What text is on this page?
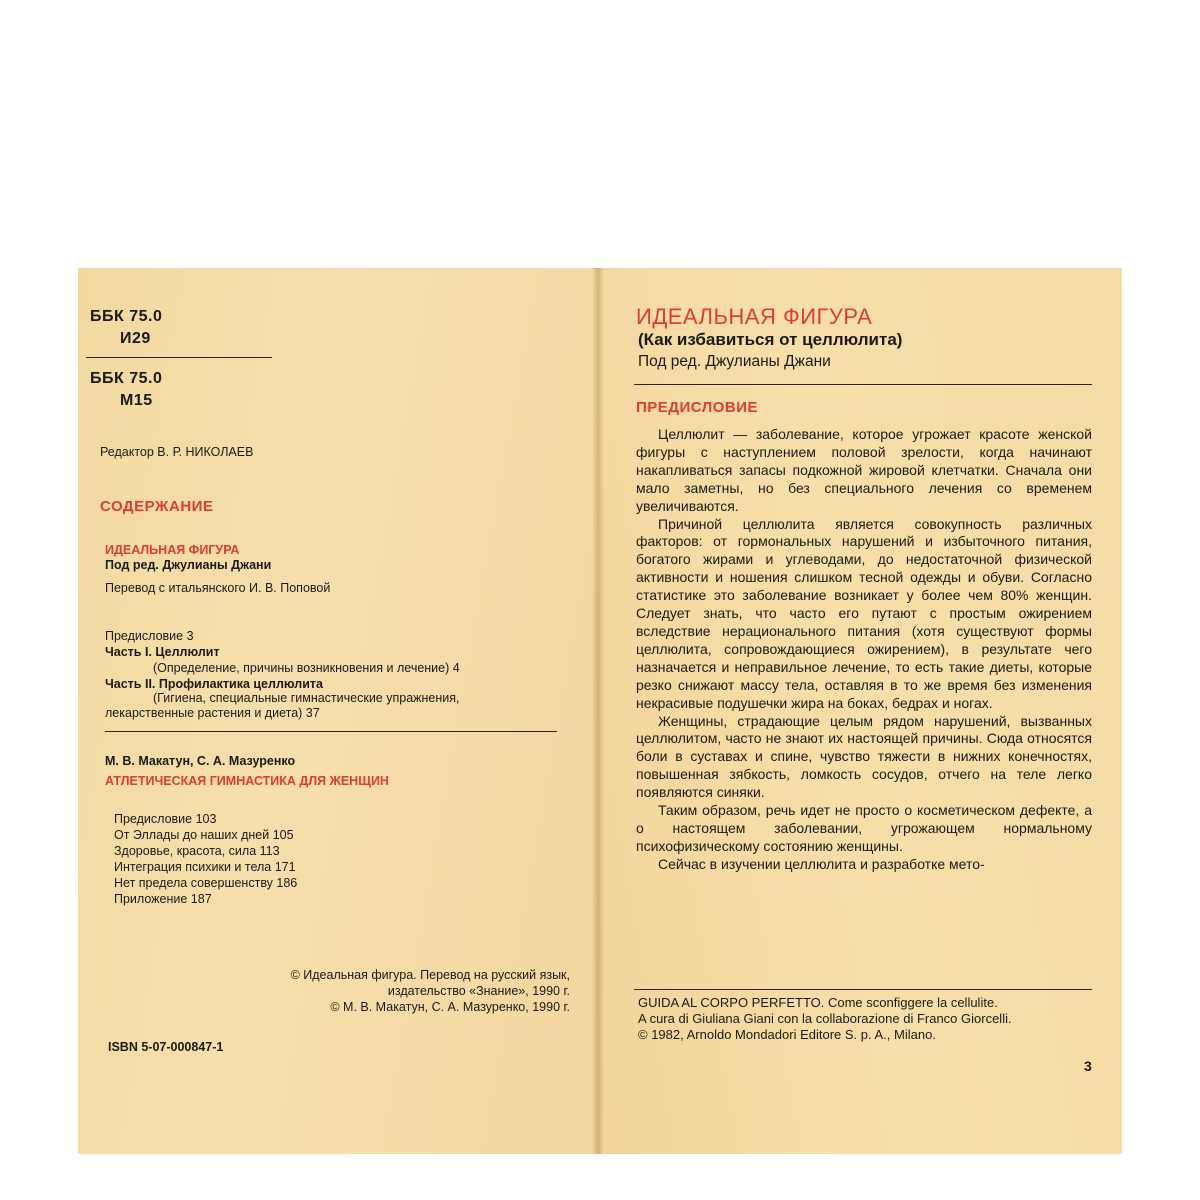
ББК 75.0
И29
ББК 75.0
М15
Редактор В. Р. НИКОЛАЕВ
СОДЕРЖАНИЕ
ИДЕАЛЬНАЯ ФИГУРА
Под ред. Джулианы Джани
Перевод с итальянского И. В. Поповой
Предисловие 3
Часть I. Целлюлит
(Определение, причины возникновения и лечение) 4
Часть II. Профилактика целлюлита
(Гигиена, специальные гимнастические упражнения,
лекарственные растения и диета) 37
М. В. Макатун, С. А. Мазуренко
АТЛЕТИЧЕСКАЯ ГИМНАСТИКА ДЛЯ ЖЕНЩИН
Предисловие 103
От Эллады до наших дней 105
Здоровье, красота, сила 113
Интеграция психики и тела 171
Нет предела совершенству 186
Приложение 187
© Идеальная фигура. Перевод на русский язык,
издательство «Знание», 1990 г.
© М. В. Макатун, С. А. Мазуренко, 1990 г.
ISBN 5-07-000847-1
ИДЕАЛЬНАЯ ФИГУРА
(Как избавиться от целлюлита)
Под ред. Джулианы Джани
ПРЕДИСЛОВИЕ

Целлюлит — заболевание, которое угрожает красоте женской фигуры с наступлением половой зрелости, когда начинают накапливаться запасы подкожной жировой клетчатки. Сначала они мало заметны, но без специального лечения со временем увеличиваются.

Причиной целлюлита является совокупность различных факторов: от гормональных нарушений и избыточного питания, богатого жирами и углеводами, до недостаточной физической активности и ношения слишком тесной одежды и обуви. Согласно статистике это заболевание возникает у более чем 80% женщин. Следует знать, что часто его путают с простым ожирением вследствие нерационального питания (хотя существуют формы целлюлита, сопровождающиеся ожирением), в результате чего назначается и неправильное лечение, то есть такие диеты, которые резко снижают массу тела, оставляя в то же время без изменения некрасивые подушечки жира на боках, бедрах и ногах.

Женщины, страдающие целым рядом нарушений, вызванных целлюлитом, часто не знают их настоящей причины. Сюда относятся боли в суставах и спине, чувство тяжести в нижних конечностях, повышенная зябкость, ломкость сосудов, отчего на теле легко появляются синяки.

Таким образом, речь идет не просто о косметическом дефекте, а о настоящем заболевании, угрожающем нормальному психофизическому состоянию женщины.

Сейчас в изучении целлюлита и разработке мето-

GUIDA AL CORPO PERFETTO. Come sconfiggere la cellulite.
A cura di Giuliana Giani con la collaborazione di Franco Giorcelli.
© 1982, Arnoldo Mondadori Editore S. p. A., Milano.
3
